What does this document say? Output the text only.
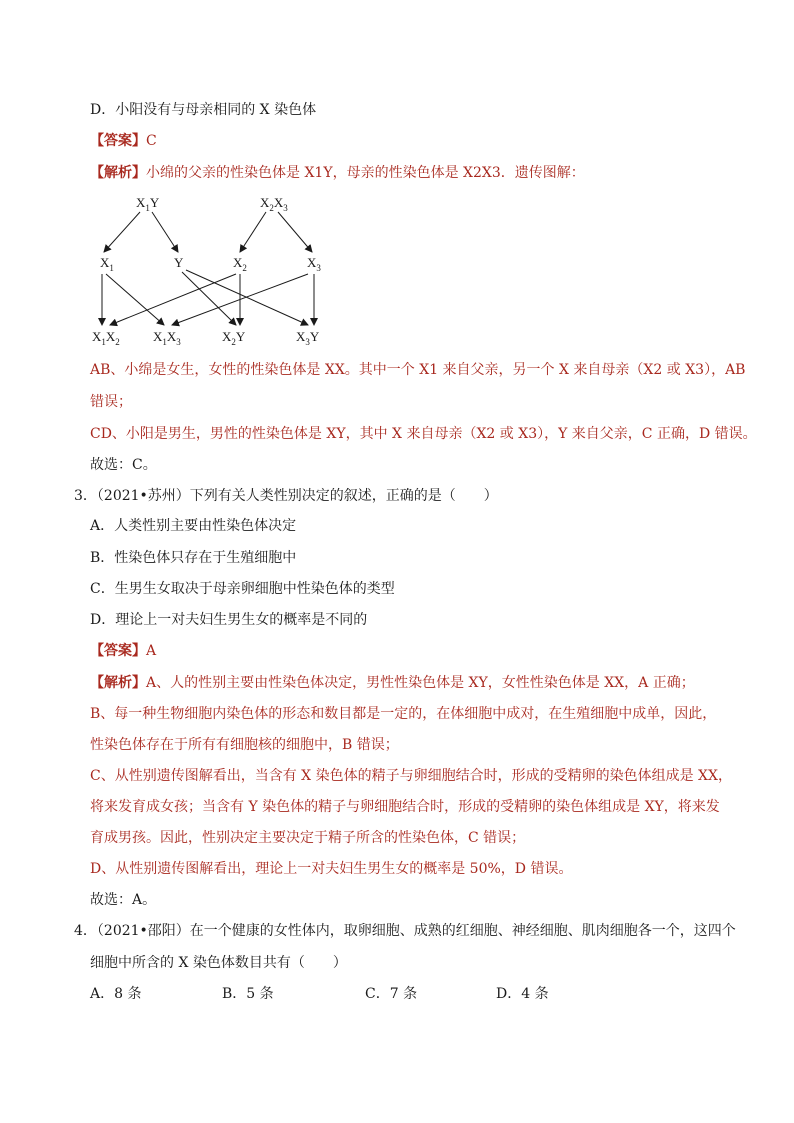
D．小阳没有与母亲相同的 X 染色体
【答案】C
【解析】小绵的父亲的性染色体是 X1Y，母亲的性染色体是 X2X3．遗传图解：
$X_1Y$	$X_2X_3$
$X_1$	Y	$X_2$	$X_3$
$X_1X_2$	$X_1X_3$	$X_2Y$	$X_3Y$
AB、小绵是女生，女性的性染色体是 XX。其中一个 X1 来自父亲，另一个 X 来自母亲（X2 或 X3），AB
错误；
CD、小阳是男生，男性的性染色体是 XY，其中 X 来自母亲（X2 或 X3），Y 来自父亲，C 正确，D 错误。
故选：C。
3．（2021•苏州）下列有关人类性别决定的叙述，正确的是（　　）
A．人类性别主要由性染色体决定
B．性染色体只存在于生殖细胞中
C．生男生女取决于母亲卵细胞中性染色体的类型
D．理论上一对夫妇生男生女的概率是不同的
【答案】A
【解析】A、人的性别主要由性染色体决定，男性性染色体是 XY，女性性染色体是 XX，A 正确；
B、每一种生物细胞内染色体的形态和数目都是一定的，在体细胞中成对，在生殖细胞中成单，因此，
性染色体存在于所有有细胞核的细胞中，B 错误；
C、从性别遗传图解看出，当含有 X 染色体的精子与卵细胞结合时，形成的受精卵的染色体组成是 XX，
将来发育成女孩；当含有 Y 染色体的精子与卵细胞结合时，形成的受精卵的染色体组成是 XY，将来发
育成男孩。因此，性别决定主要决定于精子所含的性染色体，C 错误；
D、从性别遗传图解看出，理论上一对夫妇生男生女的概率是 50%，D 错误。
故选：A。
4．（2021•邵阳）在一个健康的女性体内，取卵细胞、成熟的红细胞、神经细胞、肌肉细胞各一个，这四个
细胞中所含的 X 染色体数目共有（　　）
A．8 条	B．5 条	C．7 条	D．4 条
